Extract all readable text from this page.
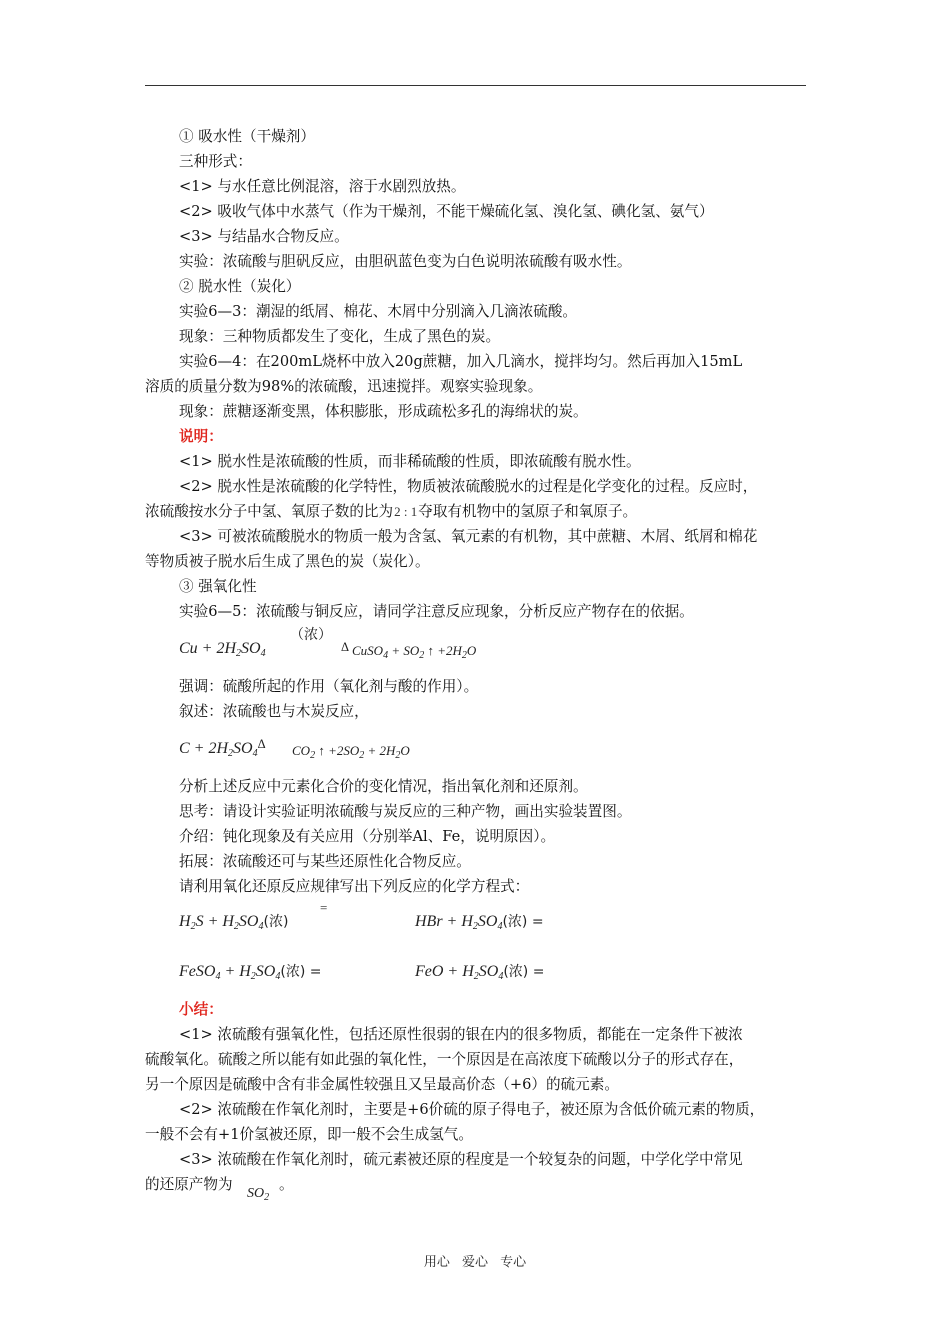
① 吸水性（干燥剂）
三种形式：
<1> 与水任意比例混溶，溶于水剧烈放热。
<2> 吸收气体中水蒸气（作为干燥剂，不能干燥硫化氢、溴化氢、碘化氢、氨气）
<3> 与结晶水合物反应。
实验：浓硫酸与胆矾反应，由胆矾蓝色变为白色说明浓硫酸有吸水性。
② 脱水性（炭化）
实验6—3：潮湿的纸屑、棉花、木屑中分别滴入几滴浓硫酸。
现象：三种物质都发生了变化，生成了黑色的炭。
实验6—4：在200mL烧杯中放入20g蔗糖，加入几滴水，搅拌均匀。然后再加入15mL
溶质的质量分数为98%的浓硫酸，迅速搅拌。观察实验现象。
现象：蔗糖逐渐变黑，体积膨胀，形成疏松多孔的海绵状的炭。
说明：
<1> 脱水性是浓硫酸的性质，而非稀硫酸的性质，即浓硫酸有脱水性。
<2> 脱水性是浓硫酸的化学特性，物质被浓硫酸脱水的过程是化学变化的过程。反应时，
浓硫酸按水分子中氢、氧原子数的比为2 : 1夺取有机物中的氢原子和氧原子。
<3> 可被浓硫酸脱水的物质一般为含氢、氧元素的有机物，其中蔗糖、木屑、纸屑和棉花
等物质被子脱水后生成了黑色的炭（炭化）。
③ 强氧化性
实验6—5：浓硫酸与铜反应，请同学注意反应现象，分析反应产物存在的依据。
$Cu + 2H_2SO_4$
（浓）
Δ CuSO$_4$ + $SO_2$ ↑ $+2H_2O$
强调：硫酸所起的作用（氧化剂与酸的作用）。
叙述：浓硫酸也与木炭反应，
$C + 2H_2SO_4^\Delta$ $CO_2$ ↑ $+2SO_2 + 2H_2O$
分析上述反应中元素化合价的变化情况，指出氧化剂和还原剂。
思考：请设计实验证明浓硫酸与炭反应的三种产物，画出实验装置图。
介绍：钝化现象及有关应用（分别举Al、Fe，说明原因）。
拓展：浓硫酸还可与某些还原性化合物反应。
请利用氧化还原反应规律写出下列反应的化学方程式：
$H_2S + H_2SO_4$(浓)
=
HBr + $H_2SO_4$(浓) =
FeSO$_4$ + $H_2SO_4$(浓) =	FeO + $H_2SO_4$(浓) =
小结：
<1> 浓硫酸有强氧化性，包括还原性很弱的银在内的很多物质，都能在一定条件下被浓
硫酸氧化。硫酸之所以能有如此强的氧化性，一个原因是在高浓度下硫酸以分子的形式存在，
另一个原因是硫酸中含有非金属性较强且又呈最高价态（+6）的硫元素。
<2> 浓硫酸在作氧化剂时，主要是+6价硫的原子得电子，被还原为含低价硫元素的物质，
一般不会有+1价氢被还原，即一般不会生成氢气。
<3> 浓硫酸在作氧化剂时，硫元素被还原的程度是一个较复杂的问题，中学化学中常见
的还原产物为
$SO_2$
。
用心 爱心 专心
